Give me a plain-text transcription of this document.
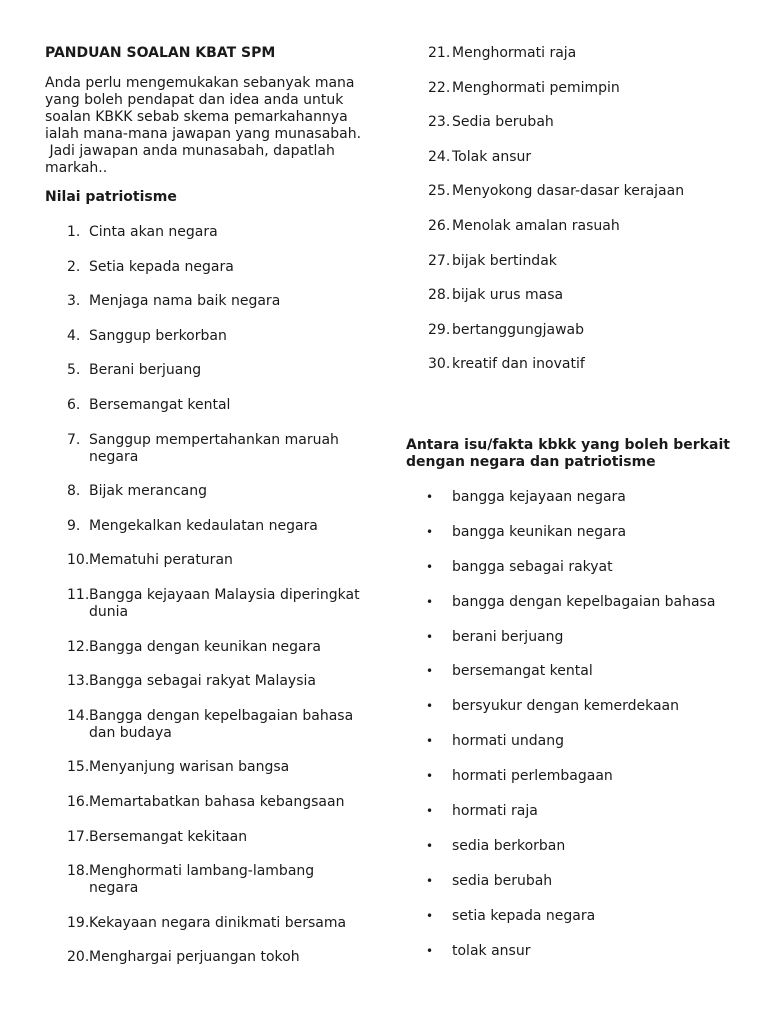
PANDUAN SOALAN KBAT SPM

Anda perlu mengemukakan sebanyak mana
yang boleh pendapat dan idea anda untuk
soalan KBKK sebab skema pemarkahannya
ialah mana-mana jawapan yang munasabah.
Jadi jawapan anda munasabah, dapatlah
markah..

Nilai patriotisme

1. Cinta akan negara
2. Setia kepada negara
3. Menjaga nama baik negara
4. Sanggup berkorban
5. Berani berjuang
6. Bersemangat kental
7. Sanggup mempertahankan maruah negara
8. Bijak merancang
9. Mengekalkan kedaulatan negara
10. Mematuhi peraturan
11. Bangga kejayaan Malaysia diperingkat dunia
12. Bangga dengan keunikan negara
13. Bangga sebagai rakyat Malaysia
14. Bangga dengan kepelbagaian bahasa dan budaya
15. Menyanjung warisan bangsa
16. Memartabatkan bahasa kebangsaan
17. Bersemangat kekitaan
18. Menghormati lambang-lambang negara
19. Kekayaan negara dinikmati bersama
20. Menghargai perjuangan tokoh
21. Menghormati raja
22. Menghormati pemimpin
23. Sedia berubah
24. Tolak ansur
25. Menyokong dasar-dasar kerajaan
26. Menolak amalan rasuah
27. bijak bertindak
28. bijak urus masa
29. bertanggungjawab
30. kreatif dan inovatif

Antara isu/fakta kbkk yang boleh berkait dengan negara dan patriotisme

•	bangga kejayaan negara
•	bangga keunikan negara
•	bangga sebagai rakyat
•	bangga dengan kepelbagaian bahasa
•	berani berjuang
•	bersemangat kental
•	bersyukur dengan kemerdekaan
•	hormati undang
•	hormati perlembagaan
•	hormati raja
•	sedia berkorban
•	sedia berubah
•	setia kepada negara
•	tolak ansur
